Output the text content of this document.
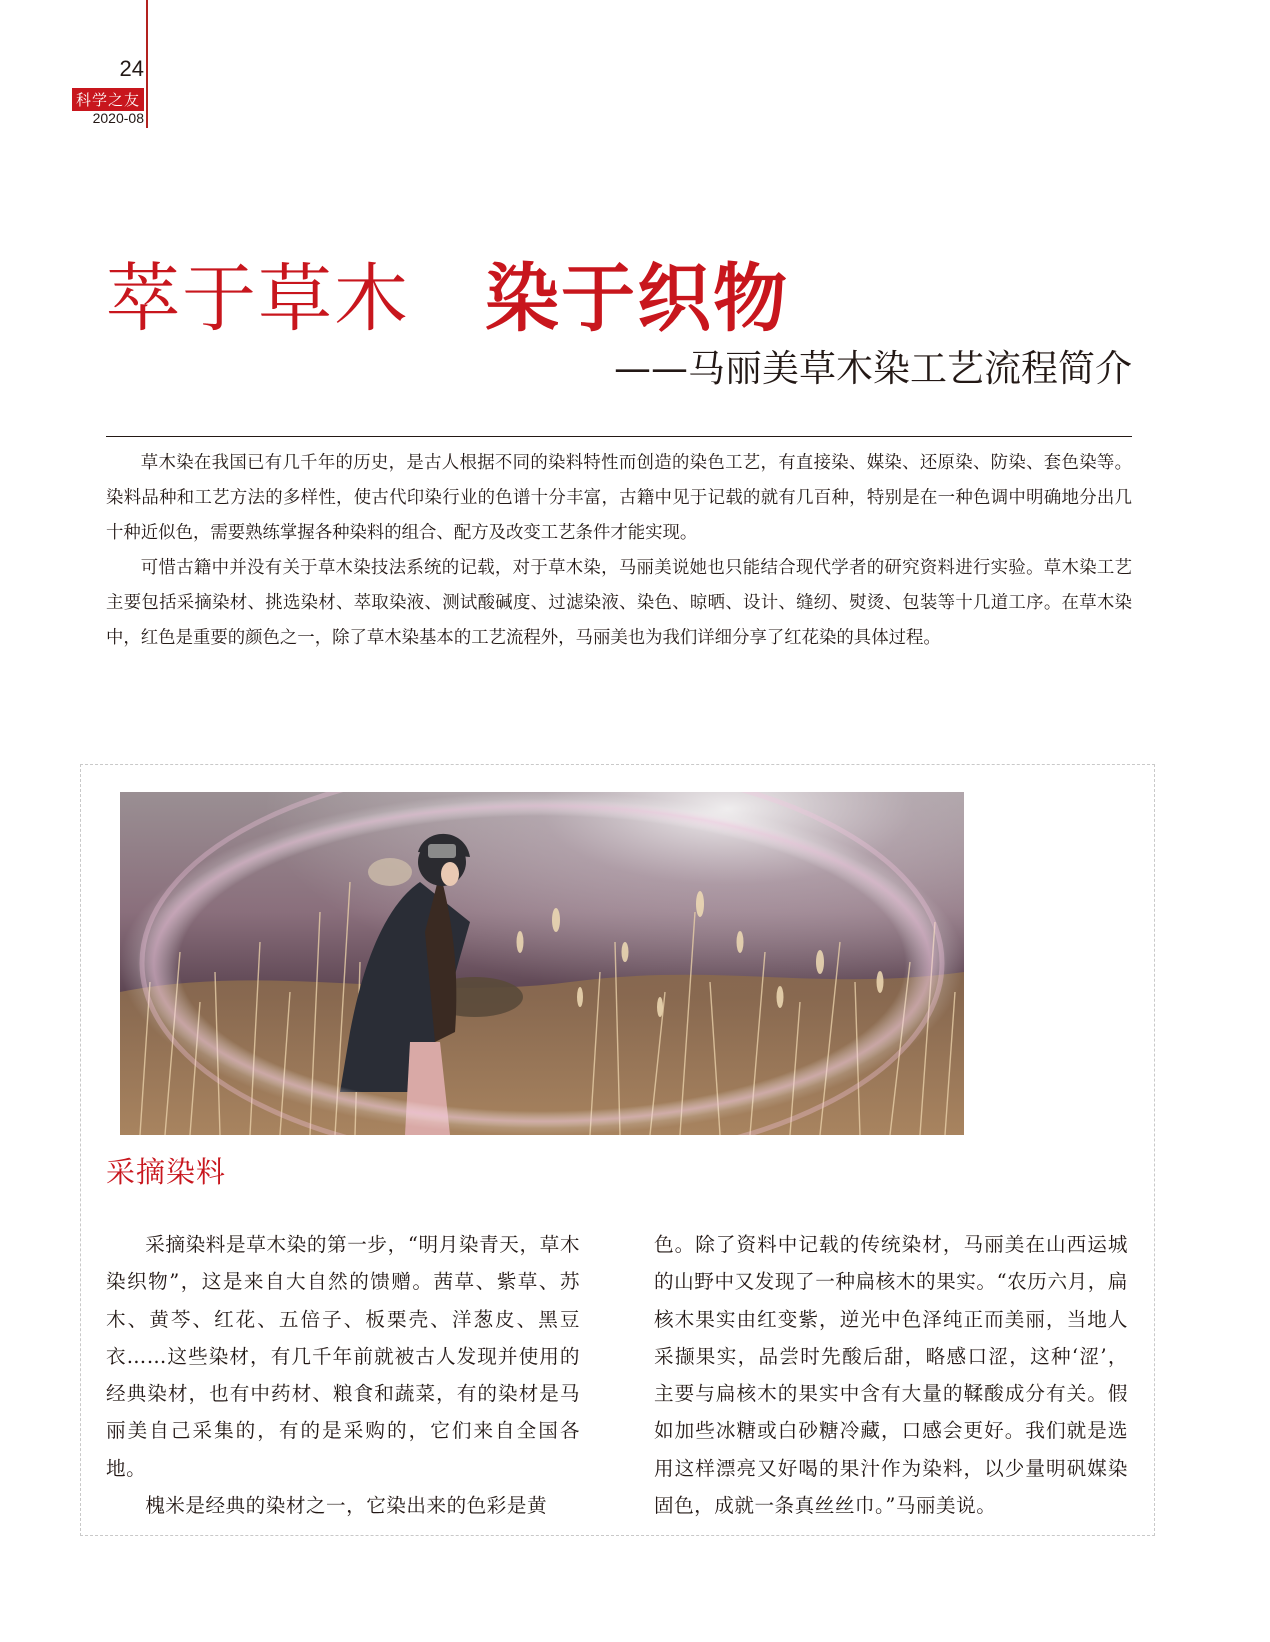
24
科学之友
2020-08
萃于草木 染于织物
——马丽美草木染工艺流程简介

草木染在我国已有几千年的历史，是古人根据不同的染料特性而创造的染色工艺，有直接染、媒染、还原染、防染、套色染等。染料品种和工艺方法的多样性，使古代印染行业的色谱十分丰富，古籍中见于记载的就有几百种，特别是在一种色调中明确地分出几十种近似色，需要熟练掌握各种染料的组合、配方及改变工艺条件才能实现。

可惜古籍中并没有关于草木染技法系统的记载，对于草木染，马丽美说她也只能结合现代学者的研究资料进行实验。草木染工艺主要包括采摘染材、挑选染材、萃取染液、测试酸碱度、过滤染液、染色、晾晒、设计、缝纫、熨烫、包装等十几道工序。在草木染中，红色是重要的颜色之一，除了草木染基本的工艺流程外，马丽美也为我们详细分享了红花染的具体过程。

采摘染料

采摘染料是草木染的第一步，“明月染青天，草木染织物”，这是来自大自然的馈赠。茜草、紫草、苏木、黄芩、红花、五倍子、板栗壳、洋葱皮、黑豆衣……这些染材，有几千年前就被古人发现并使用的经典染材，也有中药材、粮食和蔬菜，有的染材是马丽美自己采集的，有的是采购的，它们来自全国各地。

槐米是经典的染材之一，它染出来的色彩是黄

色。除了资料中记载的传统染材，马丽美在山西运城的山野中又发现了一种扁核木的果实。“农历六月，扁核木果实由红变紫，逆光中色泽纯正而美丽，当地人采撷果实，品尝时先酸后甜，略感口涩，这种‘涩’，主要与扁核木的果实中含有大量的鞣酸成分有关。假如加些冰糖或白砂糖冷藏，口感会更好。我们就是选用这样漂亮又好喝的果汁作为染料，以少量明矾媒染固色，成就一条真丝丝巾。”马丽美说。
